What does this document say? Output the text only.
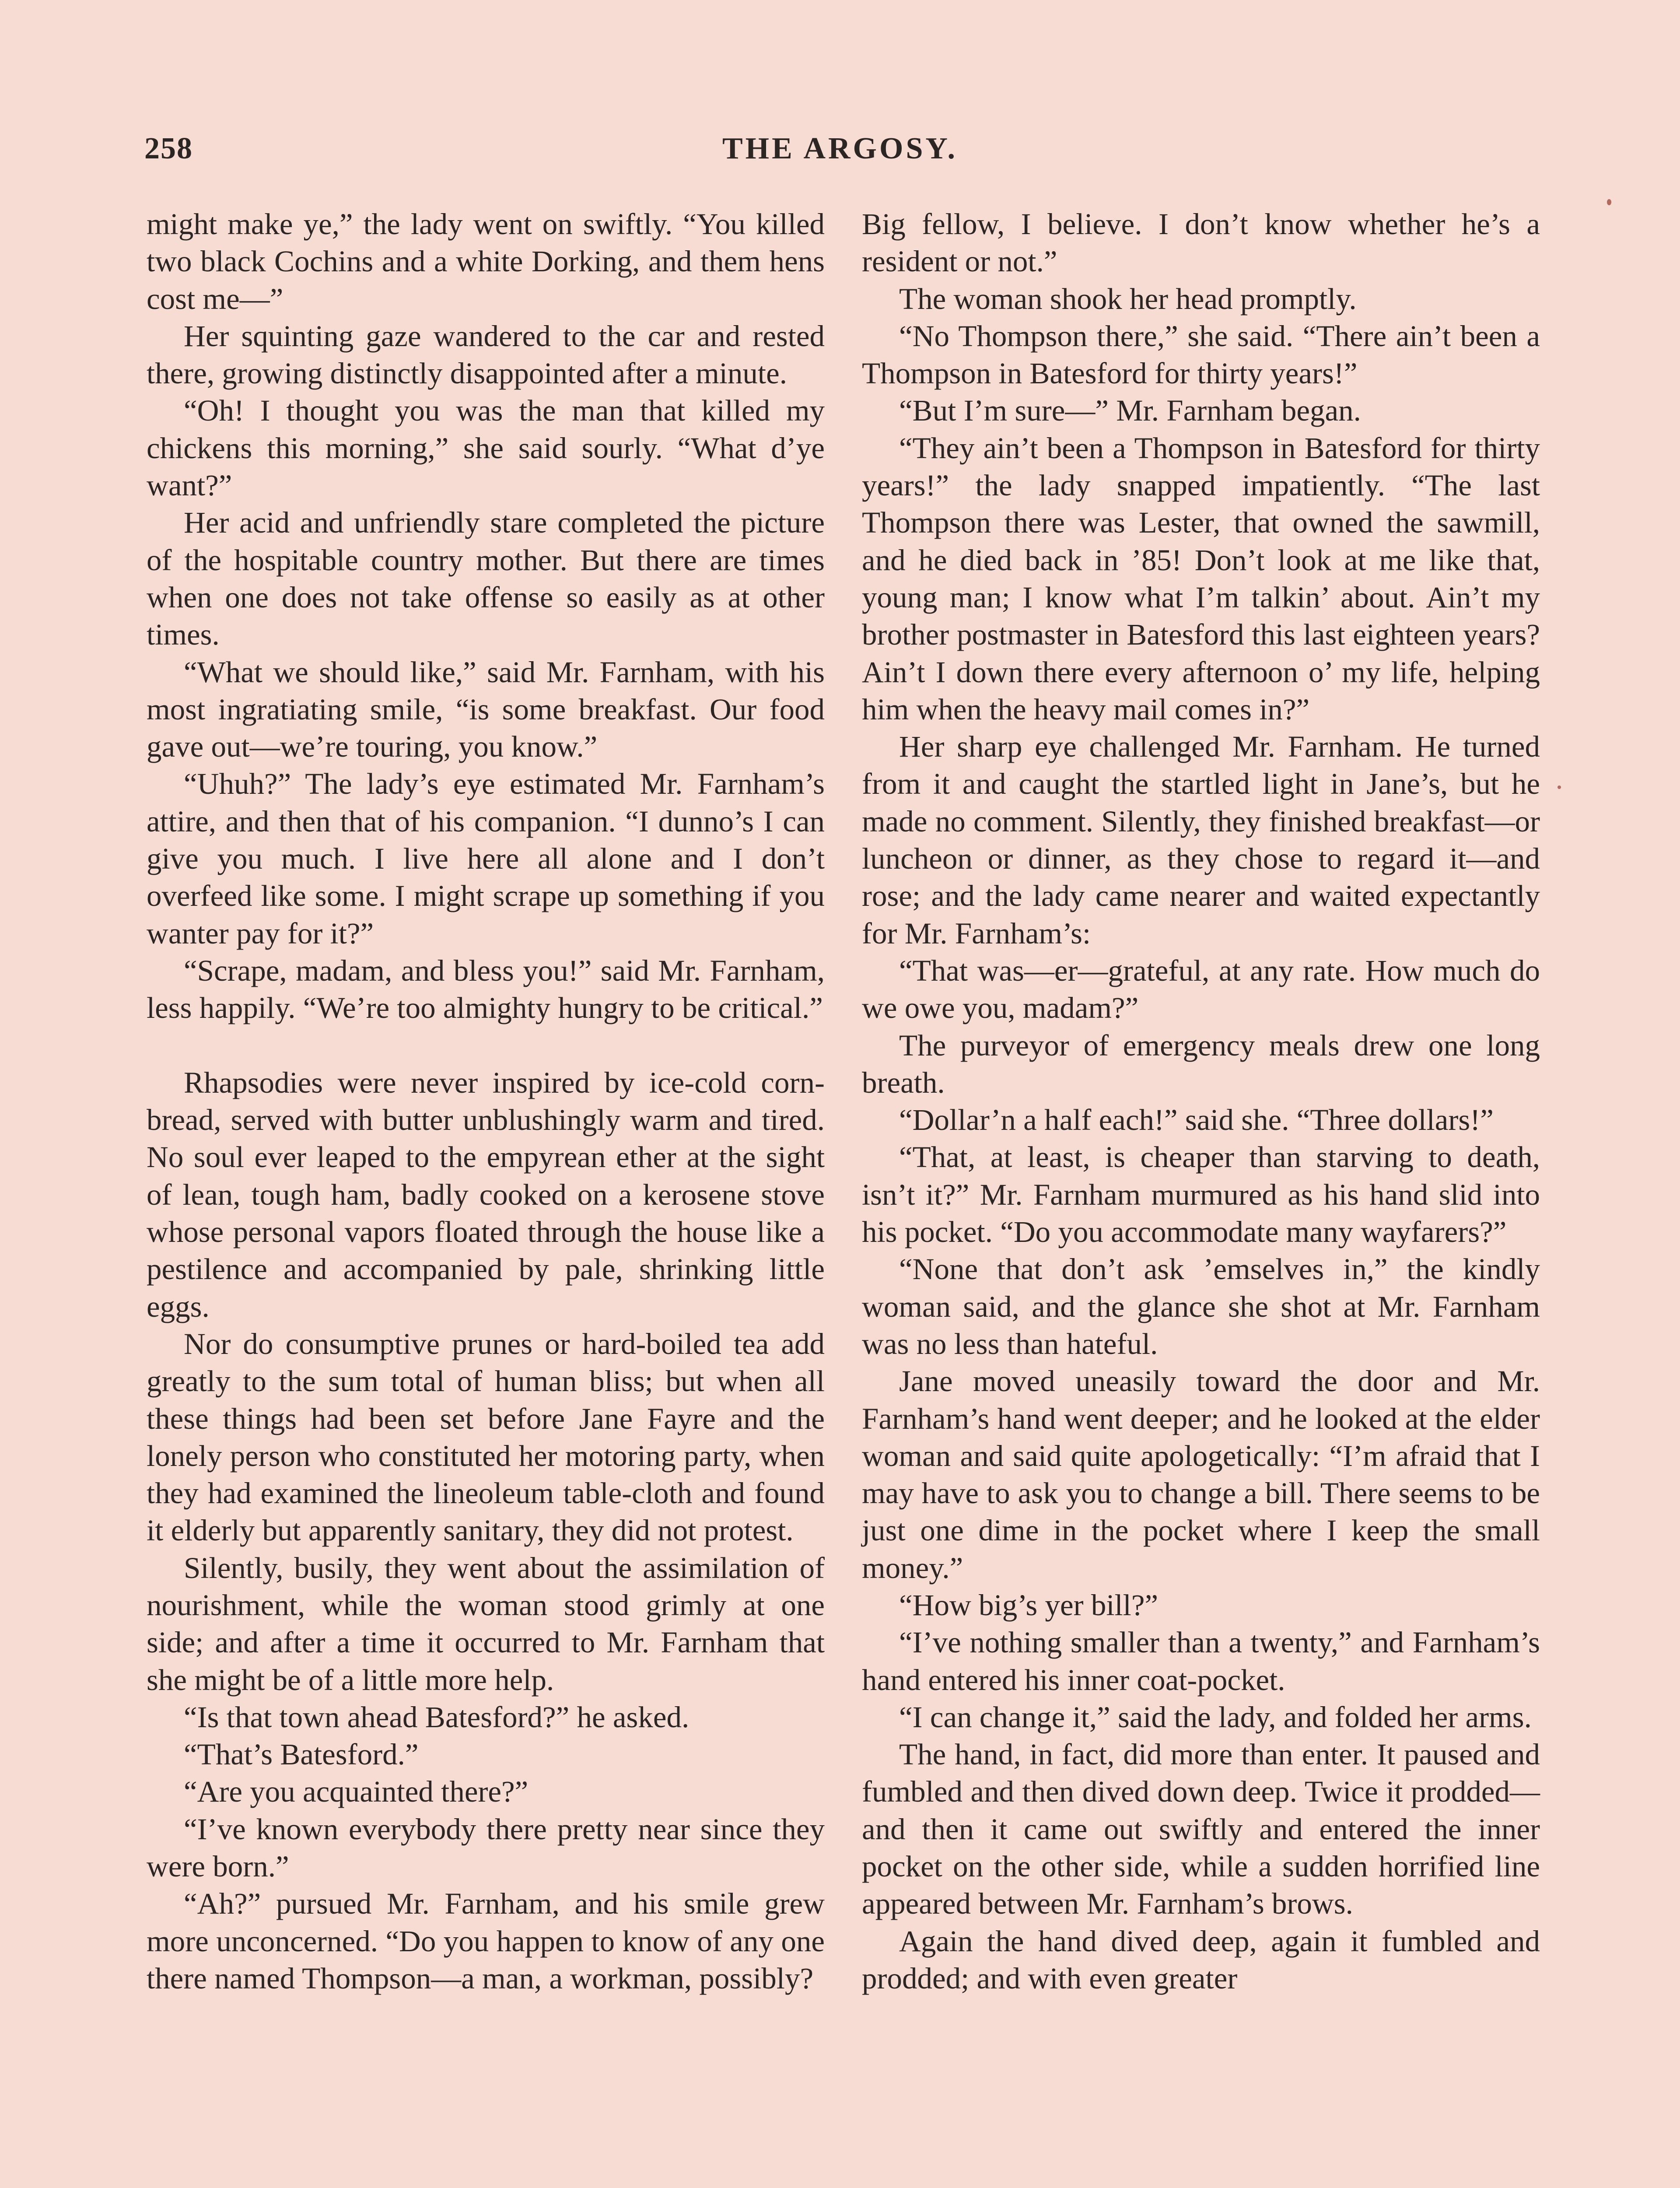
258	THE ARGOSY.

might make ye,” the lady went on swiftly. “You killed two black Cochins and a white Dorking, and them hens cost me—”

Her squinting gaze wandered to the car and rested there, growing distinctly disappointed after a minute.

“Oh! I thought you was the man that killed my chickens this morning,” she said sourly. “What d’ye want?”

Her acid and unfriendly stare completed the picture of the hospitable country mother. But there are times when one does not take offense so easily as at other times.

“What we should like,” said Mr. Farnham, with his most ingratiating smile, “is some breakfast. Our food gave out—we’re touring, you know.”

“Uhuh?” The lady’s eye estimated Mr. Farnham’s attire, and then that of his companion. “I dunno’s I can give you much. I live here all alone and I don’t overfeed like some. I might scrape up something if you wanter pay for it?”

“Scrape, madam, and bless you!” said Mr. Farnham, less happily. “We’re too almighty hungry to be critical.”

Rhapsodies were never inspired by ice-cold corn-bread, served with butter unblushingly warm and tired. No soul ever leaped to the empyrean ether at the sight of lean, tough ham, badly cooked on a kerosene stove whose personal vapors floated through the house like a pestilence and accompanied by pale, shrinking little eggs.

Nor do consumptive prunes or hard-boiled tea add greatly to the sum total of human bliss; but when all these things had been set before Jane Fayre and the lonely person who constituted her motoring party, when they had examined the lineoleum table-cloth and found it elderly but apparently sanitary, they did not protest.

Silently, busily, they went about the assimilation of nourishment, while the woman stood grimly at one side; and after a time it occurred to Mr. Farnham that she might be of a little more help.

“Is that town ahead Batesford?” he asked.

“That’s Batesford.”

“Are you acquainted there?”

“I’ve known everybody there pretty near since they were born.”

“Ah?” pursued Mr. Farnham, and his smile grew more unconcerned. “Do you happen to know of any one there named Thompson—a man, a workman, possibly?

Big fellow, I believe. I don’t know whether he’s a resident or not.”

The woman shook her head promptly.

“No Thompson there,” she said. “There ain’t been a Thompson in Batesford for thirty years!”

“But I’m sure—” Mr. Farnham began.

“They ain’t been a Thompson in Batesford for thirty years!” the lady snapped impatiently. “The last Thompson there was Lester, that owned the sawmill, and he died back in ’85! Don’t look at me like that, young man; I know what I’m talkin’ about. Ain’t my brother postmaster in Batesford this last eighteen years? Ain’t I down there every afternoon o’ my life, helping him when the heavy mail comes in?”

Her sharp eye challenged Mr. Farnham. He turned from it and caught the startled light in Jane’s, but he made no comment. Silently, they finished breakfast—or luncheon or dinner, as they chose to regard it—and rose; and the lady came nearer and waited expectantly for Mr. Farnham’s:

“That was—er—grateful, at any rate. How much do we owe you, madam?”

The purveyor of emergency meals drew one long breath.

“Dollar’n a half each!” said she. “Three dollars!”

“That, at least, is cheaper than starving to death, isn’t it?” Mr. Farnham murmured as his hand slid into his pocket. “Do you accommodate many wayfarers?”

“None that don’t ask ’emselves in,” the kindly woman said, and the glance she shot at Mr. Farnham was no less than hateful.

Jane moved uneasily toward the door and Mr. Farnham’s hand went deeper; and he looked at the elder woman and said quite apologetically: “I’m afraid that I may have to ask you to change a bill. There seems to be just one dime in the pocket where I keep the small money.”

“How big’s yer bill?”

“I’ve nothing smaller than a twenty,” and Farnham’s hand entered his inner coat-pocket.

“I can change it,” said the lady, and folded her arms.

The hand, in fact, did more than enter. It paused and fumbled and then dived down deep. Twice it prodded—and then it came out swiftly and entered the inner pocket on the other side, while a sudden horrified line appeared between Mr. Farnham’s brows.

Again the hand dived deep, again it fumbled and prodded; and with even greater
